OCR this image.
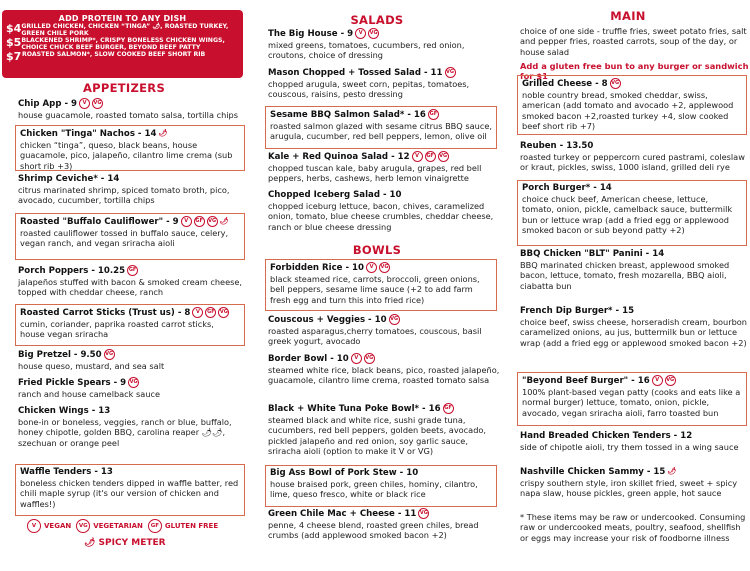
ADD PROTEIN TO ANY DISH
$4 GRILLED CHICKEN, CHICKEN “TINGA” 🌶, ROASTED TURKEY, GREEN CHILE PORK
$5 BLACKENED SHRIMP*, CRISPY BONELESS CHICKEN WINGS, CHOICE CHUCK BEEF BURGER, BEYOND BEEF PATTY
$7 ROASTED SALMON*, SLOW COOKED BEEF SHORT RIB
APPETIZERS
SALADS
BOWLS
MAIN
Chip App - 9 V VG
house guacamole, roasted tomato salsa, tortilla chips
Chicken "Tinga" Nachos - 14 🌶
chicken “tinga”, queso, black beans, house guacamole, pico, jalapeño, cilantro lime crema (sub short rib +3)
Shrimp Ceviche* - 14
citrus marinated shrimp, spiced tomato broth, pico, avocado, cucumber, tortilla chips
Roasted "Buffalo Cauliflower" - 9 V GF VG 🌶
roasted cauliflower tossed in buffalo sauce, celery, vegan ranch, and vegan sriracha aioli
Porch Poppers - 10.25 GF
jalapeños stuffed with bacon & smoked cream cheese, topped with cheddar cheese, ranch
Roasted Carrot Sticks (Trust us) - 8 V GF VG
cumin, coriander, paprika roasted carrot sticks, house vegan sriracha
Big Pretzel - 9.50 VG
house queso, mustard, and sea salt
Fried Pickle Spears - 9 VG
ranch and house camelback sauce
Chicken Wings - 13
bone-in or boneless, veggies, ranch or blue, buffalo, honey chipotle, golden BBQ, carolina reaper 🌶🌶, szechuan or orange peel
Waffle Tenders - 13
boneless chicken tenders dipped in waffle batter, red chili maple syrup (it's our version of chicken and waffles!)
V	VEGAN	VG VEGETARIAN	GF GLUTEN FREE
🌶 SPICY METER
The Big House - 9 V VG
mixed greens, tomatoes, cucumbers, red onion, croutons, choice of dressing
Mason Chopped + Tossed Salad - 11 VG
chopped arugula, sweet corn, pepitas, tomatoes, couscous, raisins, pesto dressing
Sesame BBQ Salmon Salad* - 16 GF
roasted salmon glazed with sesame citrus BBQ sauce, arugula, cucumber, red bell peppers, lemon, olive oil
Kale + Red Quinoa Salad - 12 V GF VG
chopped tuscan kale, baby arugula, grapes, red bell peppers, herbs, cashews, herb lemon vinaigrette
Chopped Iceberg Salad - 10
chopped iceburg lettuce, bacon, chives, caramelized onion, tomato, blue cheese crumbles, cheddar cheese, ranch or blue cheese dressing
Forbidden Rice - 10 V VG
black steamed rice, carrots, broccoli, green onions, bell peppers, sesame lime sauce (+2 to add farm fresh egg and turn this into fried rice)
Couscous + Veggies - 10 VG
roasted asparagus,cherry tomatoes, couscous, basil greek yogurt, avocado
Border Bowl - 10 V VG
steamed white rice, black beans, pico, roasted jalapeño, guacamole, cilantro lime crema, roasted tomato salsa
Black + White Tuna Poke Bowl* - 16 GF
steamed black and white rice, sushi grade tuna, cucumbers, red bell peppers, golden beets, avocado, pickled jalapeño and red onion, soy garlic sauce, sriracha aioli (option to make it V or VG)
Big Ass Bowl of Pork Stew - 10
house braised pork, green chiles, hominy, cilantro, lime, queso fresco, white or black rice
Green Chile Mac + Cheese - 11 VG
penne, 4 cheese blend, roasted green chiles, bread crumbs (add applewood smoked bacon +2)
choice of one side - truffle fries, sweet potato fries, salt and pepper fries, roasted carrots, soup of the day, or house salad
Add a gluten free bun to any burger or sandwich for $1
Grilled Cheese - 8 VG
noble country bread, smoked cheddar, swiss, american (add tomato and avocado +2, applewood smoked bacon +2,roasted turkey +4, slow cooked beef short rib +7)
Reuben - 13.50
roasted turkey or peppercorn cured pastrami, coleslaw or kraut, pickles, swiss, 1000 island, grilled deli rye
Porch Burger* - 14
choice chuck beef, American cheese, lettuce, tomato, onion, pickle, camelback sauce, buttermilk bun or lettuce wrap (add a fried egg or applewood smoked bacon or sub beyond patty +2)
BBQ Chicken "BLT" Panini - 14
BBQ marinated chicken breast, applewood smoked bacon, lettuce, tomato, fresh mozarella, BBQ aioli, ciabatta bun
French Dip Burger* - 15
choice beef, swiss cheese, horseradish cream, bourbon caramelized onions, au jus, buttermilk bun or lettuce wrap (add a fried egg or applewood smoked bacon +2)
"Beyond Beef Burger" - 16 V VG
100% plant-based vegan patty (cooks and eats like a normal burger) lettuce, tomato, onion, pickle, avocado, vegan sriracha aioli, farro toasted bun
Hand Breaded Chicken Tenders - 12
side of chipotle aioli, try them tossed in a wing sauce
Nashville Chicken Sammy - 15 🌶
crispy southern style, iron skillet fried, sweet + spicy napa slaw, house pickles, green apple, hot sauce
* These items may be raw or undercooked. Consuming raw or undercooked meats, poultry, seafood, shellfish or eggs may increase your risk of foodborne illness
